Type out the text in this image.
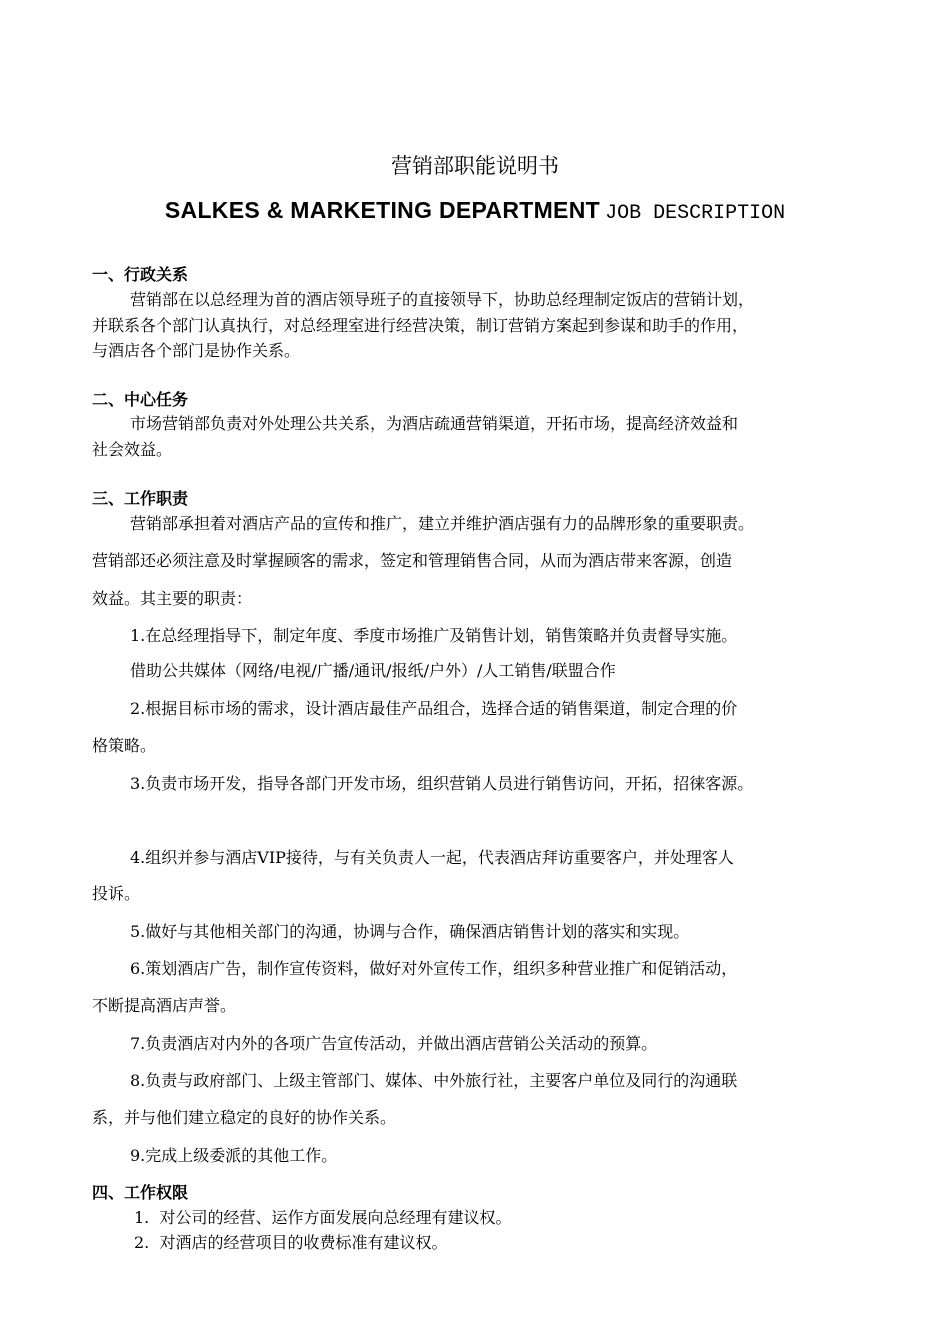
营销部职能说明书
SALKES & MARKETING DEPARTMENT JOB DESCRIPTION
一、行政关系
营销部在以总经理为首的酒店领导班子的直接领导下，协助总经理制定饭店的营销计划，
并联系各个部门认真执行，对总经理室进行经营决策，制订营销方案起到参谋和助手的作用，
与酒店各个部门是协作关系。
二、中心任务
市场营销部负责对外处理公共关系，为酒店疏通营销渠道，开拓市场，提高经济效益和
社会效益。
三、工作职责
营销部承担着对酒店产品的宣传和推广，建立并维护酒店强有力的品牌形象的重要职责。
营销部还必须注意及时掌握顾客的需求，签定和管理销售合同，从而为酒店带来客源，创造
效益。其主要的职责：
1.在总经理指导下，制定年度、季度市场推广及销售计划，销售策略并负责督导实施。
借助公共媒体（网络/电视/广播/通讯/报纸/户外）/人工销售/联盟合作
2.根据目标市场的需求，设计酒店最佳产品组合，选择合适的销售渠道，制定合理的价
格策略。
3.负责市场开发，指导各部门开发市场，组织营销人员进行销售访问，开拓，招徕客源。
4.组织并参与酒店VIP接待，与有关负责人一起，代表酒店拜访重要客户，并处理客人
投诉。
5.做好与其他相关部门的沟通，协调与合作，确保酒店销售计划的落实和实现。
6.策划酒店广告，制作宣传资料，做好对外宣传工作，组织多种营业推广和促销活动，
不断提高酒店声誉。
7.负责酒店对内外的各项广告宣传活动，并做出酒店营销公关活动的预算。
8.负责与政府部门、上级主管部门、媒体、中外旅行社，主要客户单位及同行的沟通联
系，并与他们建立稳定的良好的协作关系。
9.完成上级委派的其他工作。
四、工作权限
1.  对公司的经营、运作方面发展向总经理有建议权。
2.  对酒店的经营项目的收费标准有建议权。
